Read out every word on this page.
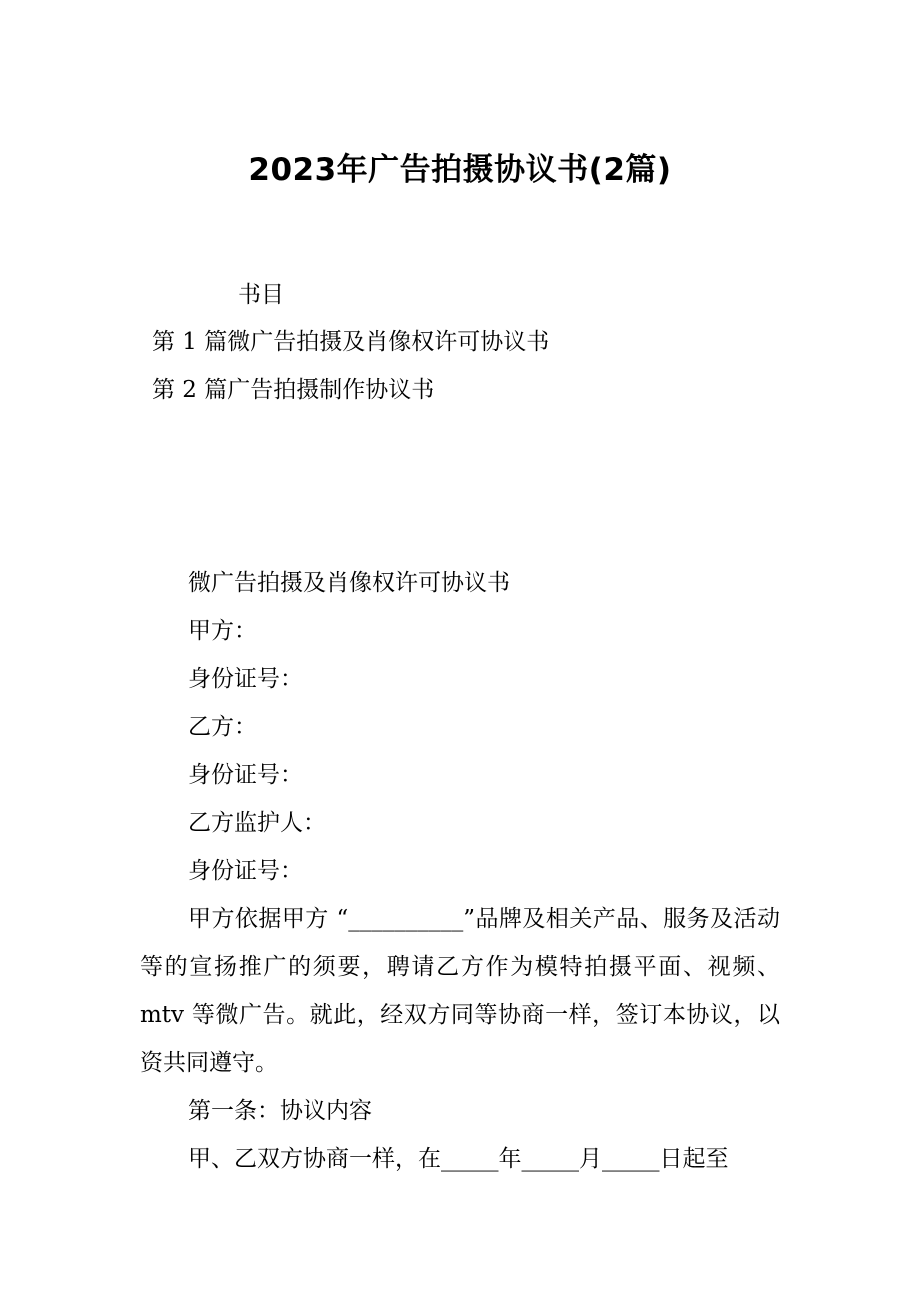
2023年广告拍摄协议书(2篇)
书目
第 1 篇微广告拍摄及肖像权许可协议书
第 2 篇广告拍摄制作协议书

微广告拍摄及肖像权许可协议书

甲方：

身份证号：

乙方：

身份证号：

乙方监护人：

身份证号：

甲方依据甲方 “__________”品牌及相关产品、服务及活动等的宣扬推广的须要，聘请乙方作为模特拍摄平面、视频、mtv 等微广告。就此，经双方同等协商一样，签订本协议，以资共同遵守。

第一条：协议内容

甲、乙双方协商一样，在_____年_____月_____日起至
